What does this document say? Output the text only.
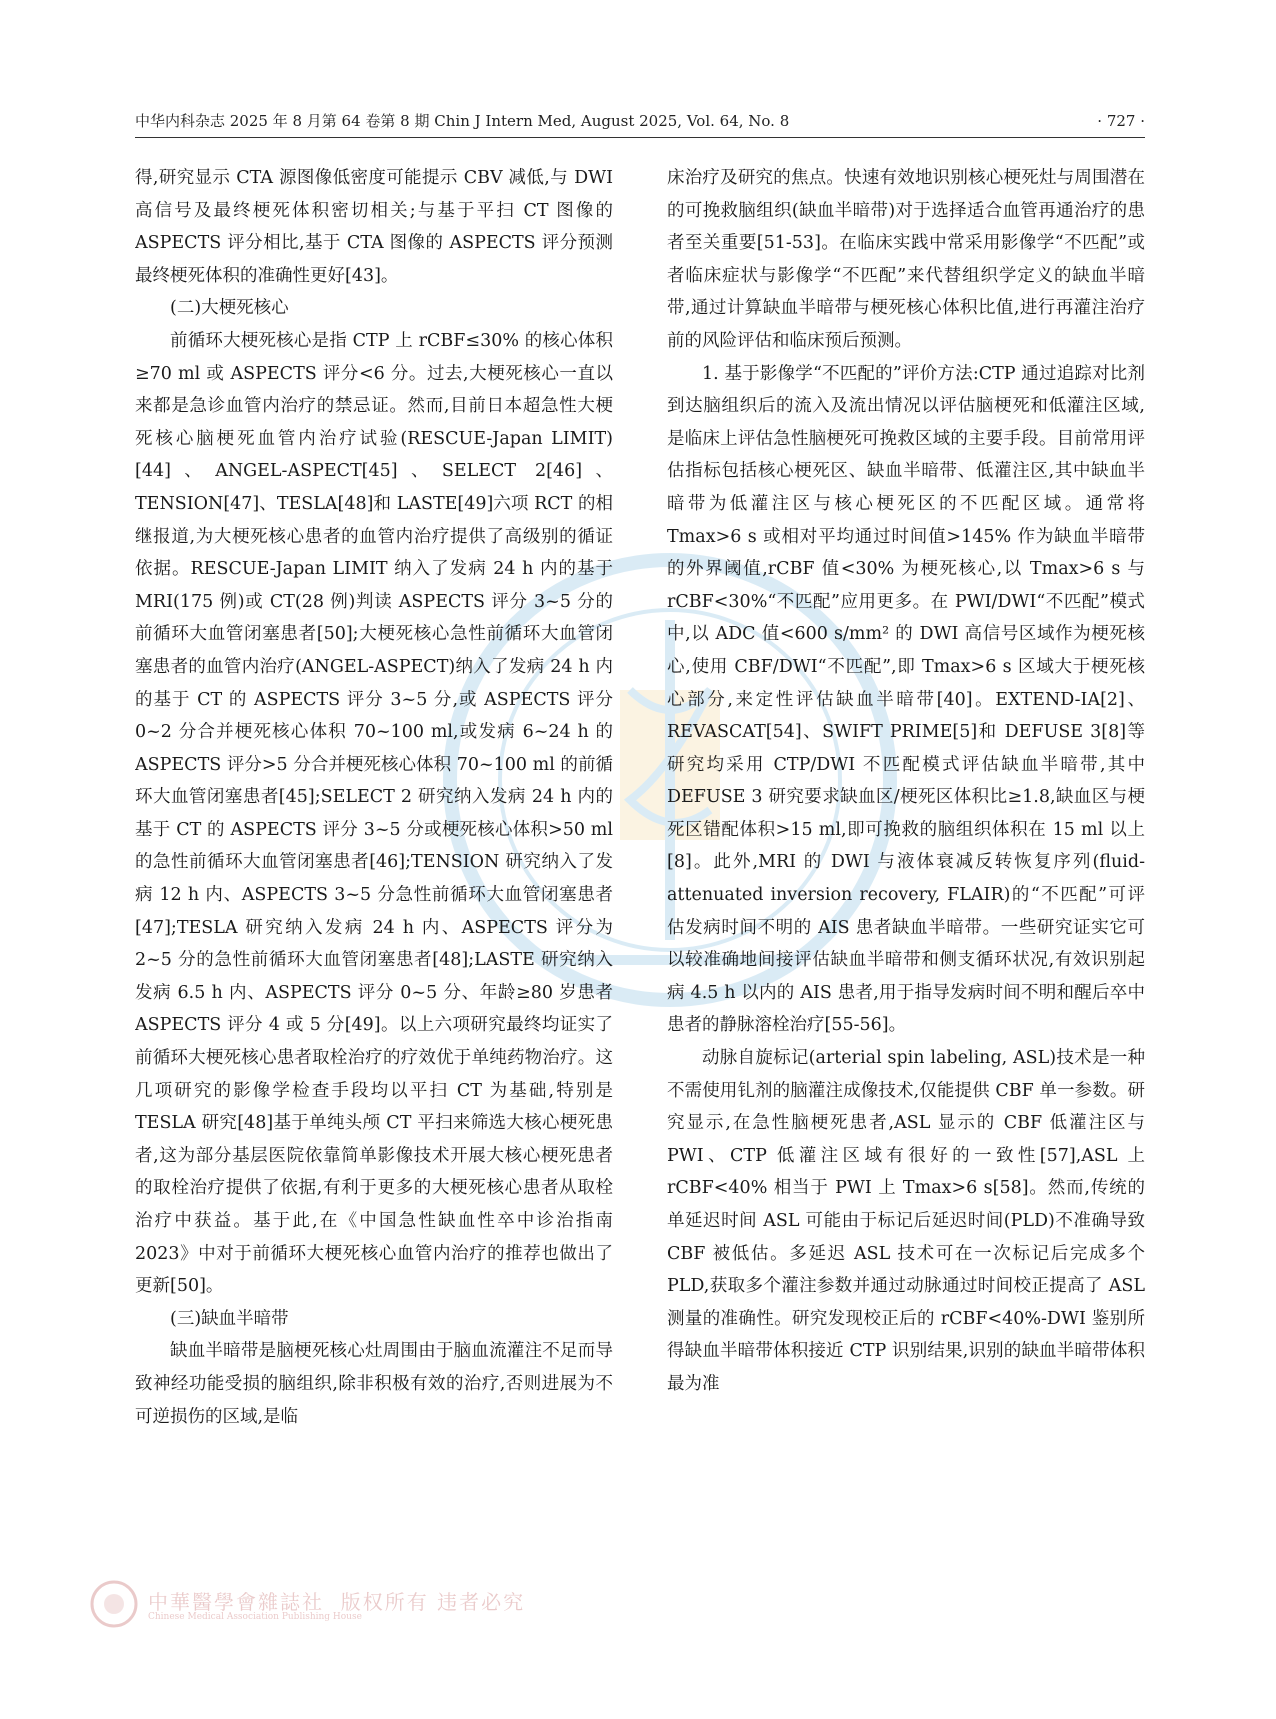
中华内科杂志 2025 年 8 月第 64 卷第 8 期 Chin J Intern Med, August 2025, Vol. 64, No. 8	· 727 ·

得,研究显示 CTA 源图像低密度可能提示 CBV 减低,与 DWI 高信号及最终梗死体积密切相关;与基于平扫 CT 图像的 ASPECTS 评分相比,基于 CTA 图像的 ASPECTS 评分预测最终梗死体积的准确性更好[43]。

(二)大梗死核心

前循环大梗死核心是指 CTP 上 rCBF≤30% 的核心体积≥70 ml 或 ASPECTS 评分<6 分。过去,大梗死核心一直以来都是急诊血管内治疗的禁忌证。然而,目前日本超急性大梗死核心脑梗死血管内治疗试验(RESCUE-Japan LIMIT)[44]、ANGEL-ASPECT[45]、SELECT 2[46]、TENSION[47]、TESLA[48]和 LASTE[49]六项 RCT 的相继报道,为大梗死核心患者的血管内治疗提供了高级别的循证依据。RESCUE-Japan LIMIT 纳入了发病 24 h 内的基于 MRI(175 例)或 CT(28 例)判读 ASPECTS 评分 3~5 分的前循环大血管闭塞患者[50];大梗死核心急性前循环大血管闭塞患者的血管内治疗(ANGEL-ASPECT)纳入了发病 24 h 内的基于 CT 的 ASPECTS 评分 3~5 分,或 ASPECTS 评分 0~2 分合并梗死核心体积 70~100 ml,或发病 6~24 h 的 ASPECTS 评分>5 分合并梗死核心体积 70~100 ml 的前循环大血管闭塞患者[45];SELECT 2 研究纳入发病 24 h 内的基于 CT 的 ASPECTS 评分 3~5 分或梗死核心体积>50 ml 的急性前循环大血管闭塞患者[46];TENSION 研究纳入了发病 12 h 内、ASPECTS 3~5 分急性前循环大血管闭塞患者[47];TESLA 研究纳入发病 24 h 内、ASPECTS 评分为 2~5 分的急性前循环大血管闭塞患者[48];LASTE 研究纳入发病 6.5 h 内、ASPECTS 评分 0~5 分、年龄≥80 岁患者 ASPECTS 评分 4 或 5 分[49]。以上六项研究最终均证实了前循环大梗死核心患者取栓治疗的疗效优于单纯药物治疗。这几项研究的影像学检查手段均以平扫 CT 为基础,特别是 TESLA 研究[48]基于单纯头颅 CT 平扫来筛选大核心梗死患者,这为部分基层医院依靠简单影像技术开展大核心梗死患者的取栓治疗提供了依据,有利于更多的大梗死核心患者从取栓治疗中获益。基于此,在《中国急性缺血性卒中诊治指南 2023》中对于前循环大梗死核心血管内治疗的推荐也做出了更新[50]。

(三)缺血半暗带

缺血半暗带是脑梗死核心灶周围由于脑血流灌注不足而导致神经功能受损的脑组织,除非积极有效的治疗,否则进展为不可逆损伤的区域,是临

床治疗及研究的焦点。快速有效地识别核心梗死灶与周围潜在的可挽救脑组织(缺血半暗带)对于选择适合血管再通治疗的患者至关重要[51-53]。在临床实践中常采用影像学“不匹配”或者临床症状与影像学“不匹配”来代替组织学定义的缺血半暗带,通过计算缺血半暗带与梗死核心体积比值,进行再灌注治疗前的风险评估和临床预后预测。

1. 基于影像学“不匹配的”评价方法:CTP 通过追踪对比剂到达脑组织后的流入及流出情况以评估脑梗死和低灌注区域,是临床上评估急性脑梗死可挽救区域的主要手段。目前常用评估指标包括核心梗死区、缺血半暗带、低灌注区,其中缺血半暗带为低灌注区与核心梗死区的不匹配区域。通常将 Tmax>6 s 或相对平均通过时间值>145% 作为缺血半暗带的外界阈值,rCBF 值<30% 为梗死核心,以 Tmax>6 s 与 rCBF<30%“不匹配”应用更多。在 PWI/DWI“不匹配”模式中,以 ADC 值<600 s/mm² 的 DWI 高信号区域作为梗死核心,使用 CBF/DWI“不匹配”,即 Tmax>6 s 区域大于梗死核心部分,来定性评估缺血半暗带[40]。EXTEND-IA[2]、REVASCAT[54]、SWIFT PRIME[5]和 DEFUSE 3[8]等研究均采用 CTP/DWI 不匹配模式评估缺血半暗带,其中 DEFUSE 3 研究要求缺血区/梗死区体积比≥1.8,缺血区与梗死区错配体积>15 ml,即可挽救的脑组织体积在 15 ml 以上[8]。此外,MRI 的 DWI 与液体衰减反转恢复序列(fluid-attenuated inversion recovery, FLAIR)的“不匹配”可评估发病时间不明的 AIS 患者缺血半暗带。一些研究证实它可以较准确地间接评估缺血半暗带和侧支循环状况,有效识别起病 4.5 h 以内的 AIS 患者,用于指导发病时间不明和醒后卒中患者的静脉溶栓治疗[55-56]。

动脉自旋标记(arterial spin labeling, ASL)技术是一种不需使用钆剂的脑灌注成像技术,仅能提供 CBF 单一参数。研究显示,在急性脑梗死患者,ASL 显示的 CBF 低灌注区与 PWI、CTP 低灌注区域有很好的一致性[57],ASL 上 rCBF<40% 相当于 PWI 上 Tmax>6 s[58]。然而,传统的单延迟时间 ASL 可能由于标记后延迟时间(PLD)不准确导致 CBF 被低估。多延迟 ASL 技术可在一次标记后完成多个 PLD,获取多个灌注参数并通过动脉通过时间校正提高了 ASL 测量的准确性。研究发现校正后的 rCBF<40%-DWI 鉴别所得缺血半暗带体积接近 CTP 识别结果,识别的缺血半暗带体积最为准

中華醫學會雜誌社 版权所有 违者必究
Chinese Medical Association Publishing House
